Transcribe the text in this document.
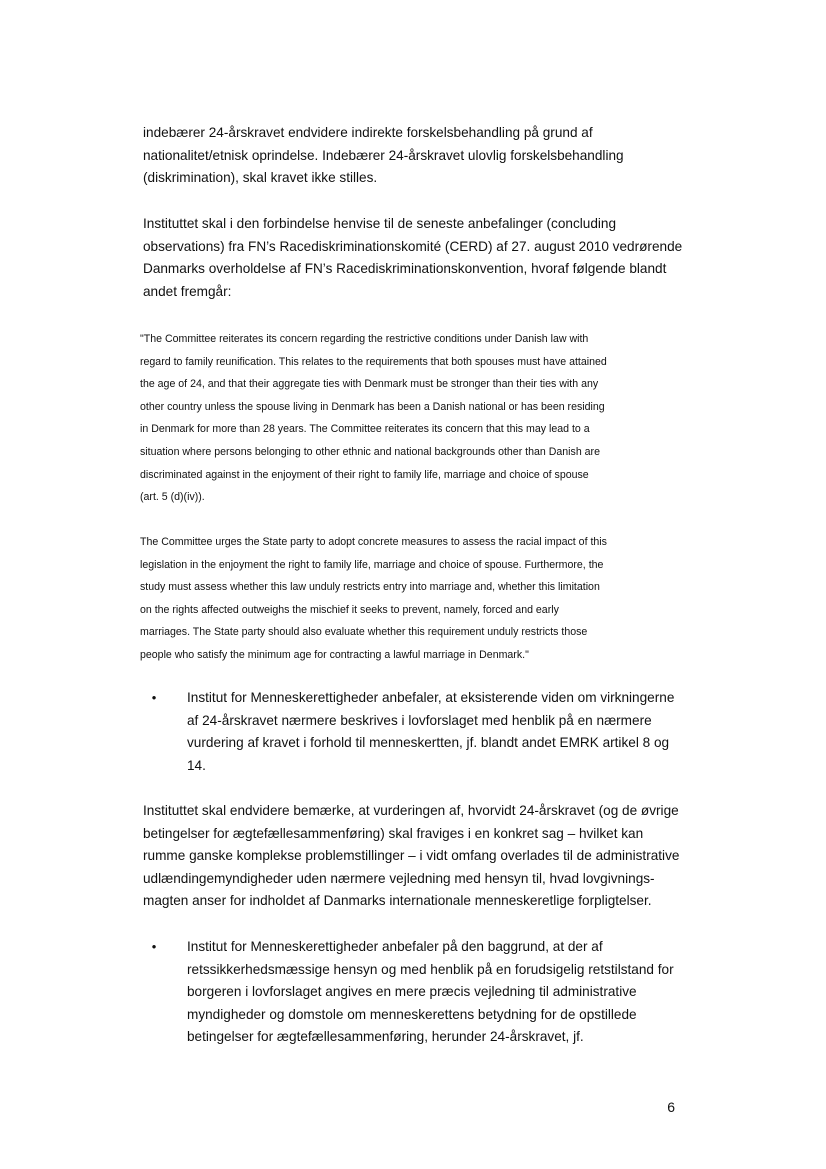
indebærer 24-årskravet endvidere indirekte forskelsbehandling på grund af
nationalitet/etnisk oprindelse. Indebærer 24-årskravet ulovlig forskelsbehandling
(diskrimination), skal kravet ikke stilles.

Instituttet skal i den forbindelse henvise til de seneste anbefalinger (concluding
observations) fra FN’s Racediskriminationskomité (CERD) af 27. august 2010 vedrørende
Danmarks overholdelse af FN’s Racediskriminationskonvention, hvoraf følgende blandt
andet fremgår:

"The Committee reiterates its concern regarding the restrictive conditions under Danish law with
regard to family reunification. This relates to the requirements that both spouses must have attained
the age of 24, and that their aggregate ties with Denmark must be stronger than their ties with any
other country unless the spouse living in Denmark has been a Danish national or has been residing
in Denmark for more than 28 years. The Committee reiterates its concern that this may lead to a
situation where persons belonging to other ethnic and national backgrounds other than Danish are
discriminated against in the enjoyment of their right to family life, marriage and choice of spouse
(art. 5 (d)(iv)).

The Committee urges the State party to adopt concrete measures to assess the racial impact of this
legislation in the enjoyment the right to family life, marriage and choice of spouse. Furthermore, the
study must assess whether this law unduly restricts entry into marriage and, whether this limitation
on the rights affected outweighs the mischief it seeks to prevent, namely, forced and early
marriages. The State party should also evaluate whether this requirement unduly restricts those
people who satisfy the minimum age for contracting a lawful marriage in Denmark."

•	Institut for Menneskerettigheder anbefaler, at eksisterende viden om virkningerne
af 24-årskravet nærmere beskrives i lovforslaget med henblik på en nærmere
vurdering af kravet i forhold til menneskertten, jf. blandt andet EMRK artikel 8 og
14.

Instituttet skal endvidere bemærke, at vurderingen af, hvorvidt 24-årskravet (og de øvrige
betingelser for ægtefællesammenføring) skal fraviges i en konkret sag – hvilket kan
rumme ganske komplekse problemstillinger – i vidt omfang overlades til de administrative
udlændingemyndigheder uden nærmere vejledning med hensyn til, hvad lovgivnings-
magten anser for indholdet af Danmarks internationale menneskeretlige forpligtelser.

•	Institut for Menneskerettigheder anbefaler på den baggrund, at der af
retssikkerhedsmæssige hensyn og med henblik på en forudsigelig retstilstand for
borgeren i lovforslaget angives en mere præcis vejledning til administrative
myndigheder og domstole om menneskerettens betydning for de opstillede
betingelser for ægtefællesammenføring, herunder 24-årskravet, jf.

6
